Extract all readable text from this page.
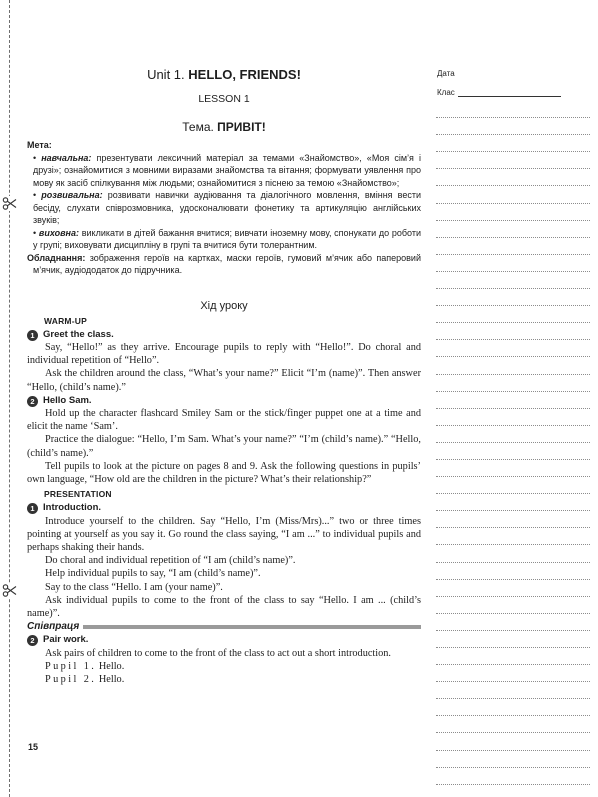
Unit 1. HELLO, FRIENDS!
LESSON 1
Тема. ПРИВІТ!
Мета:
• навчальна: презентувати лексичний матеріал за темами «Знайомство», «Моя сім’я і друзі»; ознайомитися з мовними виразами знайомства та вітання; формувати уявлення про мову як засіб спілкування між людьми; ознайомитися з піснею за темою «Знайомство»;
• розвивальна: розвивати навички аудіювання та діалогічного мовлення, вміння вести бесіду, слухати співрозмовника, удосконалювати фонетику та артикуляцію англійських звуків;
• виховна: викликати в дітей бажання вчитися; вивчати іноземну мову, спонукати до роботи у групі; виховувати дисципліну в групі та вчитися бути толерантним.
Обладнання: зображення героїв на картках, маски героїв, гумовий м’ячик або паперовий м’ячик, аудіододаток до підручника.
Хід уроку
WARM-UP
1 Greet the class.

Say, “Hello!” as they arrive. Encourage pupils to reply with “Hello!”. Do choral and individual repetition of “Hello”.

Ask the children around the class, “What’s your name?” Elicit “I’m (name)”. Then answer “Hello, (child’s name).”

2 Hello Sam.

Hold up the character flashcard Smiley Sam or the stick/finger puppet one at a time and elicit the name ‘Sam’.

Practice the dialogue: “Hello, I’m Sam. What’s your name?” “I’m (child’s name).” “Hello, (child’s name).”

Tell pupils to look at the picture on pages 8 and 9. Ask the following questions in pupils’ own language, “How old are the children in the picture? What’s their relationship?”

PRESENTATION
1 Introduction.

Introduce yourself to the children. Say “Hello, I’m (Miss/Mrs)...” two or three times pointing at yourself as you say it. Go round the class saying, “I am ...” to individual pupils and perhaps shaking their hands.

Do choral and individual repetition of “I am (child’s name)”.

Help individual pupils to say, “I am (child’s name)”.

Say to the class “Hello. I am (your name)”.

Ask individual pupils to come to the front of the class to say “Hello. I am ... (child’s name)”.

Співпраця
2 Pair work.

Ask pairs of children to come to the front of the class to act out a short introduction.

Pupil 1. Hello.
Pupil 2. Hello.
15
Дата
Клас
